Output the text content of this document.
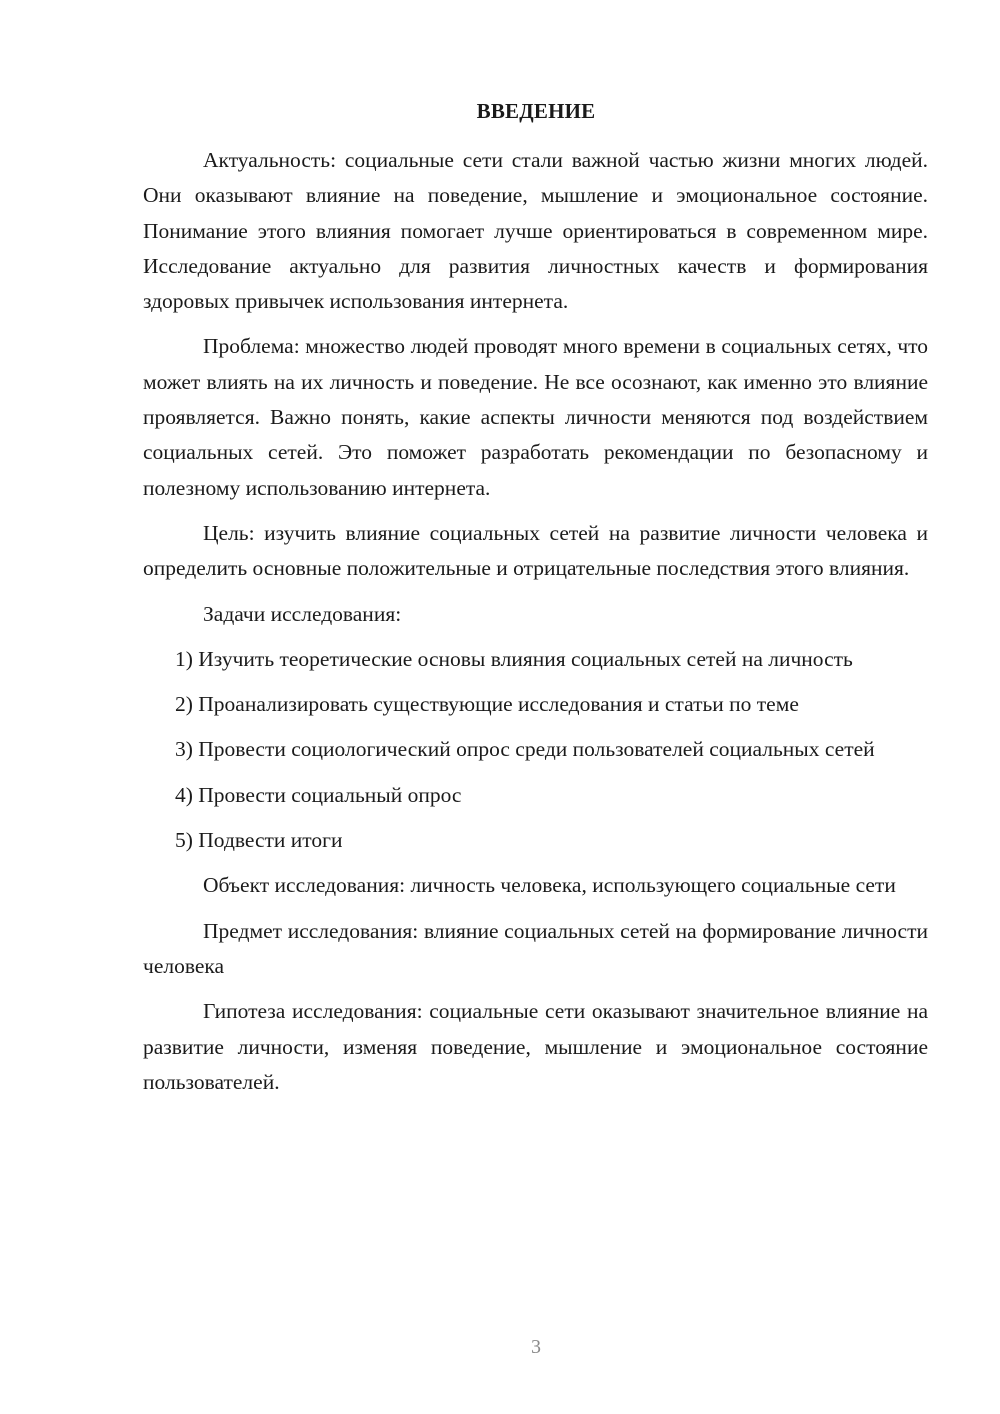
ВВЕДЕНИЕ

Актуальность: социальные сети стали важной частью жизни многих людей. Они оказывают влияние на поведение, мышление и эмоциональное состояние. Понимание этого влияния помогает лучше ориентироваться в современном мире. Исследование актуально для развития личностных качеств и формирования здоровых привычек использования интернета.

Проблема: множество людей проводят много времени в социальных сетях, что может влиять на их личность и поведение. Не все осознают, как именно это влияние проявляется. Важно понять, какие аспекты личности меняются под воздействием социальных сетей. Это поможет разработать рекомендации по безопасному и полезному использованию интернета.

Цель: изучить влияние социальных сетей на развитие личности человека и определить основные положительные и отрицательные последствия этого влияния.

Задачи исследования:

1) Изучить теоретические основы влияния социальных сетей на личность

2) Проанализировать существующие исследования и статьи по теме

3) Провести социологический опрос среди пользователей социальных сетей

4) Провести социальный опрос

5) Подвести итоги

Объект исследования: личность человека, использующего социальные сети

Предмет исследования: влияние социальных сетей на формирование личности человека

Гипотеза исследования: социальные сети оказывают значительное влияние на развитие личности, изменяя поведение, мышление и эмоциональное состояние пользователей.

3
